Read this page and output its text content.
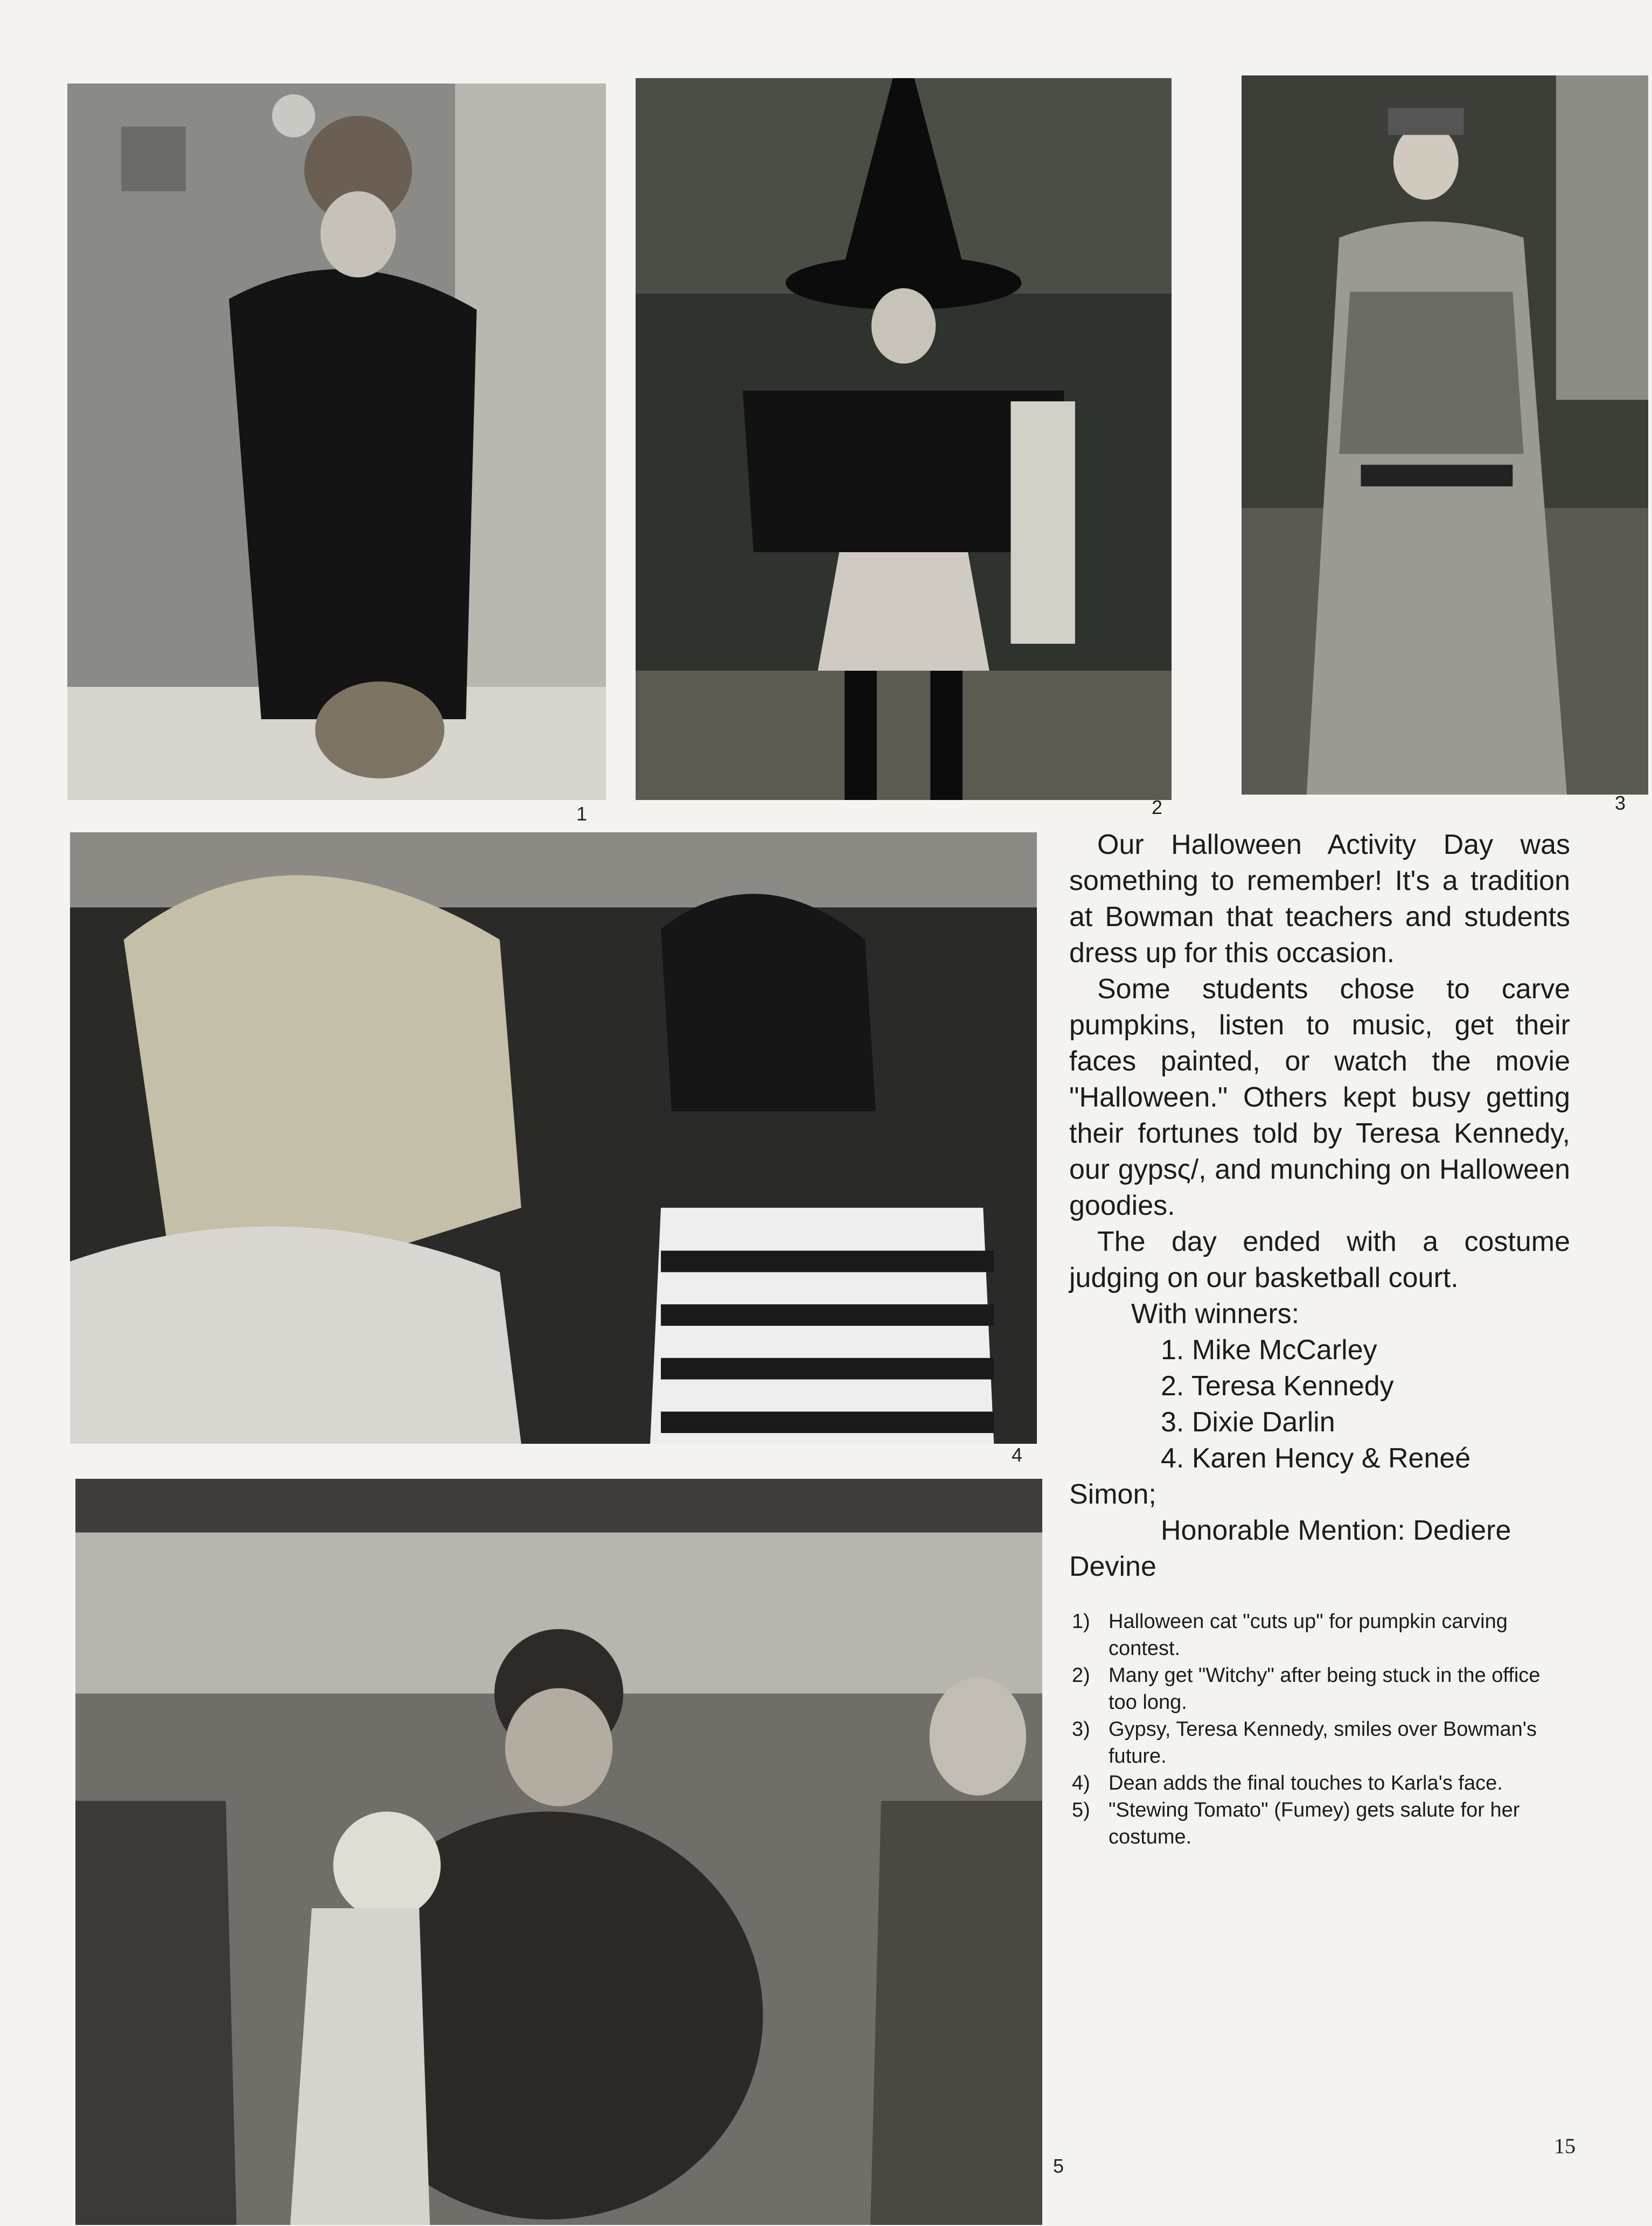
1	2	3
4
5

Our Halloween Activity Day was something to remember! It's a tradition at Bowman that teachers and students dress up for this occasion.

Some students chose to carve pumpkins, listen to music, get their faces painted, or watch the movie "Halloween." Others kept busy getting their fortunes told by Teresa Kennedy, our gypsς/, and munching on Halloween goodies.

The day ended with a costume judging on our basketball court.

With winners:
1. Mike McCarley
2. Teresa Kennedy
3. Dixie Darlin
4. Karen Hency & Reneé
Simon;
Honorable Mention: Dediere
Devine
1) Halloween cat "cuts up" for pumpkin carving contest.
2) Many get "Witchy" after being stuck in the office too long.
3) Gypsy, Teresa Kennedy, smiles over Bowman's future.
4) Dean adds the final touches to Karla's face.
5) "Stewing Tomato" (Fumey) gets salute for her costume.
15
